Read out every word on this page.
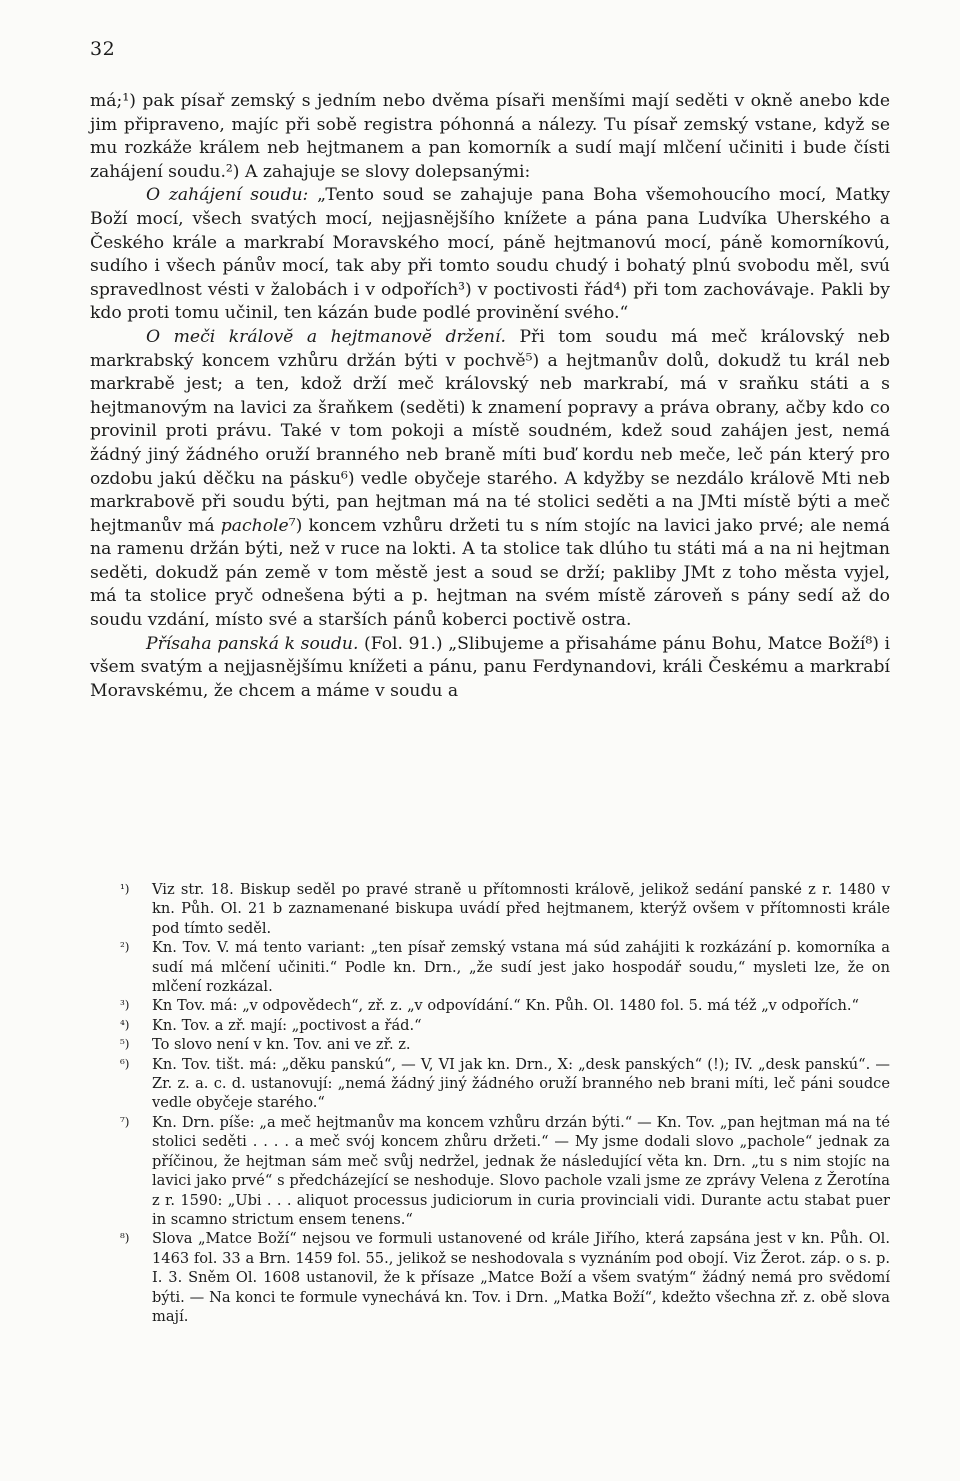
32

má;¹) pak písař zemský s jedním nebo dvěma písaři menšími mají seděti v okně anebo kde jim připraveno, majíc při sobě registra póhonná a nálezy. Tu písař zemský vstane, když se mu rozkáže králem neb hejtmanem a pan komorník a sudí mají mlčení učiniti i bude čísti zahájení soudu.²) A zahajuje se slovy dolepsanými:

O zahájení soudu: „Tento soud se zahajuje pana Boha všemohoucího mocí, Matky Boží mocí, všech svatých mocí, nejjasnějšího knížete a pána pana Ludvíka Uherského a Českého krále a markrabí Moravského mocí, páně hejtmanovú mocí, páně komorníkovú, sudího i všech pánův mocí, tak aby při tomto soudu chudý i bohatý plnú svobodu měl, svú spravedlnost vésti v žalobách i v odpořích³) v poctivosti řád⁴) při tom zachovávaje. Pakli by kdo proti tomu učinil, ten kázán bude podlé provinění svého.“

O meči královĕ a hejtmanovĕ držení. Při tom soudu má meč královský neb markrabský koncem vzhůru držán býti v pochvě⁵) a hejtmanův dolů, dokudž tu král neb markrabě jest; a ten, kdož drží meč královský neb markrabí, má v sraňku státi a s hejtmanovým na lavici za šraňkem (seděti) k znamení popravy a práva obrany, ačby kdo co provinil proti právu. Také v tom pokoji a místě soudném, kdež soud zahájen jest, nemá žádný jiný žádného oruží branného neb braně míti buď kordu neb meče, leč pán který pro ozdobu jakú děčku na pásku⁶) vedle obyčeje starého. A kdyžby se nezdálo královĕ Mti neb markrabovĕ při soudu býti, pan hejtman má na té stolici seděti a na JMti místě býti a meč hejtmanův má pachole⁷) koncem vzhůru držeti tu s ním stojíc na lavici jako prvé; ale nemá na ramenu držán býti, než v ruce na lokti. A ta stolice tak dlúho tu státi má a na ni hejtman seděti, dokudž pán země v tom městě jest a soud se drží; pakliby JMt z toho města vyjel, má ta stolice pryč odnešena býti a p. hejtman na svém místě zároveň s pány sedí až do soudu vzdání, místo své a starších pánů koberci poctivě ostra.

Přísaha panská k soudu. (Fol. 91.) „Slibujeme a přisaháme pánu Bohu, Matce Boží⁸) i všem svatým a nejjasnějšímu knížeti a pánu, panu Ferdynandovi, králi Českému a markrabí Moravskému, že chcem a máme v soudu a

¹)	Viz str. 18. Biskup seděl po pravé straně u přítomnosti královĕ, jelikož sedání panské z r. 1480 v kn. Půh. Ol. 21 b zaznamenané biskupa uvádí před hejtmanem, kterýž ovšem v přítomnosti krále pod tímto seděl.
²)	Kn. Tov. V. má tento variant: „ten písař zemský vstana má súd zahájiti k rozkázání p. komorníka a sudí má mlčení učiniti.“ Podle kn. Drn., „že sudí jest jako hospodář soudu,“ mysleti lze, že on mlčení rozkázal.
³)	Kn Tov. má: „v odpovědech“, zř. z. „v odpovídání.“ Kn. Půh. Ol. 1480 fol. 5. má též „v odpořích.“
⁴)	Kn. Tov. a zř. mají: „poctivost a řád.“
⁵)	To slovo není v kn. Tov. ani ve zř. z.
⁶)	Kn. Tov. tišt. má: „děku panskú“, — V, VI jak kn. Drn., X: „desk panských“ (!); IV. „desk panskú“. — Zr. z. a. c. d. ustanovují: „nemá žádný jiný žádného oruží branného neb brani míti, leč páni soudce vedle obyčeje starého.“
⁷)	Kn. Drn. píše: „a meč hejtmanův ma koncem vzhůru drzán býti.“ — Kn. Tov. „pan hejtman má na té stolici seděti . . . . a meč svój koncem zhůru držeti.“ — My jsme dodali slovo „pachole“ jednak za příčinou, že hejtman sám meč svůj nedržel, jednak že následující věta kn. Drn. „tu s nim stojíc na lavici jako prvé“ s předcházející se neshoduje. Slovo pachole vzali jsme ze zprávy Velena z Žerotína z r. 1590: „Ubi . . . aliquot processus judiciorum in curia provinciali vidi. Durante actu stabat puer in scamno strictum ensem tenens.“
⁸)	Slova „Matce Boží“ nejsou ve formuli ustanovené od krále Jiřího, která zapsána jest v kn. Půh. Ol. 1463 fol. 33 a Brn. 1459 fol. 55., jelikož se neshodovala s vyznáním pod obojí. Viz Žerot. záp. o s. p. I. 3. Sněm Ol. 1608 ustanovil, že k přísaze „Matce Boží a všem svatým“ žádný nemá pro svědomí býti. — Na konci te formule vynechává kn. Tov. i Drn. „Matka Boží“, kdežto všechna zř. z. obě slova mají.
